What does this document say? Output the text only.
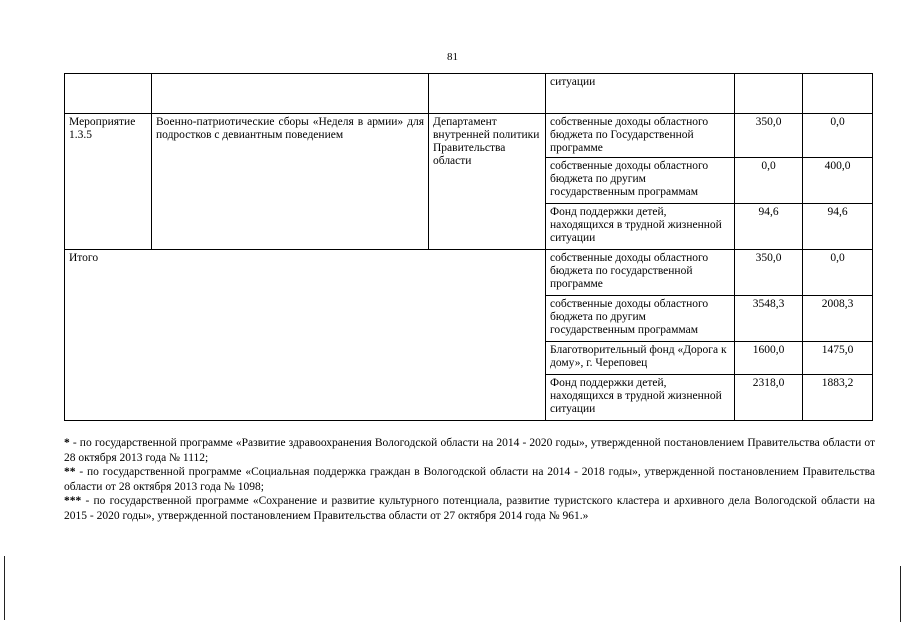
81
			ситуации		
Мероприятие 1.3.5	Военно-патриотические сборы «Неделя в армии» для подростков с девиантным поведением	Департамент внутренней политики Правительства области	собственные доходы областного бюджета по Государственной программе	350,0	0,0
			собственные доходы областного бюджета по другим государственным программам	0,0	400,0
			Фонд поддержки детей, находящихся в трудной жизненной ситуации	94,6	94,6
Итого			собственные доходы областного бюджета по государственной программе	350,0	0,0
			собственные доходы областного бюджета по другим государственным программам	3548,3	2008,3
			Благотворительный фонд «Дорога к дому», г. Череповец	1600,0	1475,0
			Фонд поддержки детей, находящихся в трудной жизненной ситуации	2318,0	1883,2

* - по государственной программе «Развитие здравоохранения Вологодской области на 2014 - 2020 годы», утвержденной постановлением Правительства области от 28 октября 2013 года № 1112;

** - по государственной программе «Социальная поддержка граждан в Вологодской области на 2014 - 2018 годы», утвержденной постановлением Правительства области от 28 октября 2013 года № 1098;

*** - по государственной программе «Сохранение и развитие культурного потенциала, развитие туристского кластера и архивного дела Вологодской области на 2015 - 2020 годы», утвержденной постановлением Правительства области от 27 октября 2014 года № 961.»
